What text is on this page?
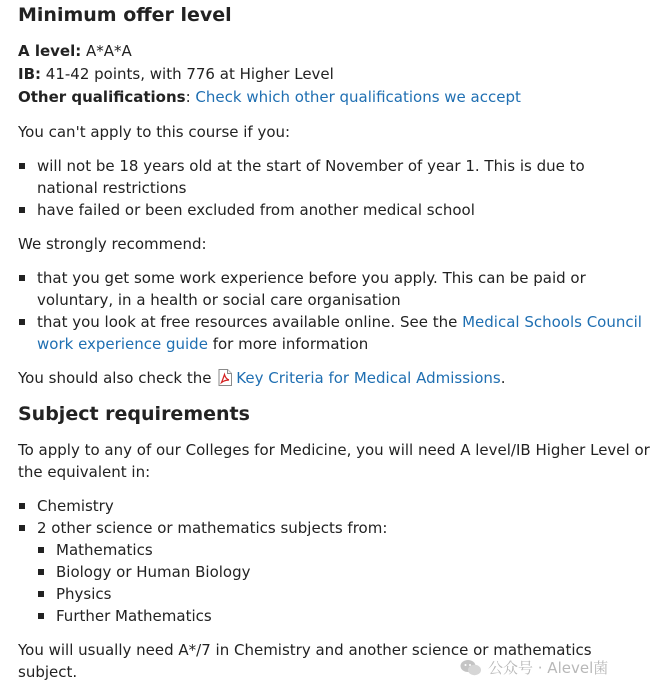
Minimum offer level
A level: A*A*A
IB: 41-42 points, with 776 at Higher Level
Other qualifications: Check which other qualifications we accept

You can't apply to this course if you:

will not be 18 years old at the start of November of year 1. This is due to national restrictions
have failed or been excluded from another medical school

We strongly recommend:

that you get some work experience before you apply. This can be paid or voluntary, in a health or social care organisation
that you look at free resources available online. See the Medical Schools Council work experience guide for more information

You should also check the Key Criteria for Medical Admissions.

Subject requirements

To apply to any of our Colleges for Medicine, you will need A level/IB Higher Level or the equivalent in:

Chemistry
2 other science or mathematics subjects from:
Mathematics
Biology or Human Biology
Physics
Further Mathematics

You will usually need A*/7 in Chemistry and another science or mathematics subject.	公众号 · Alevel菌
